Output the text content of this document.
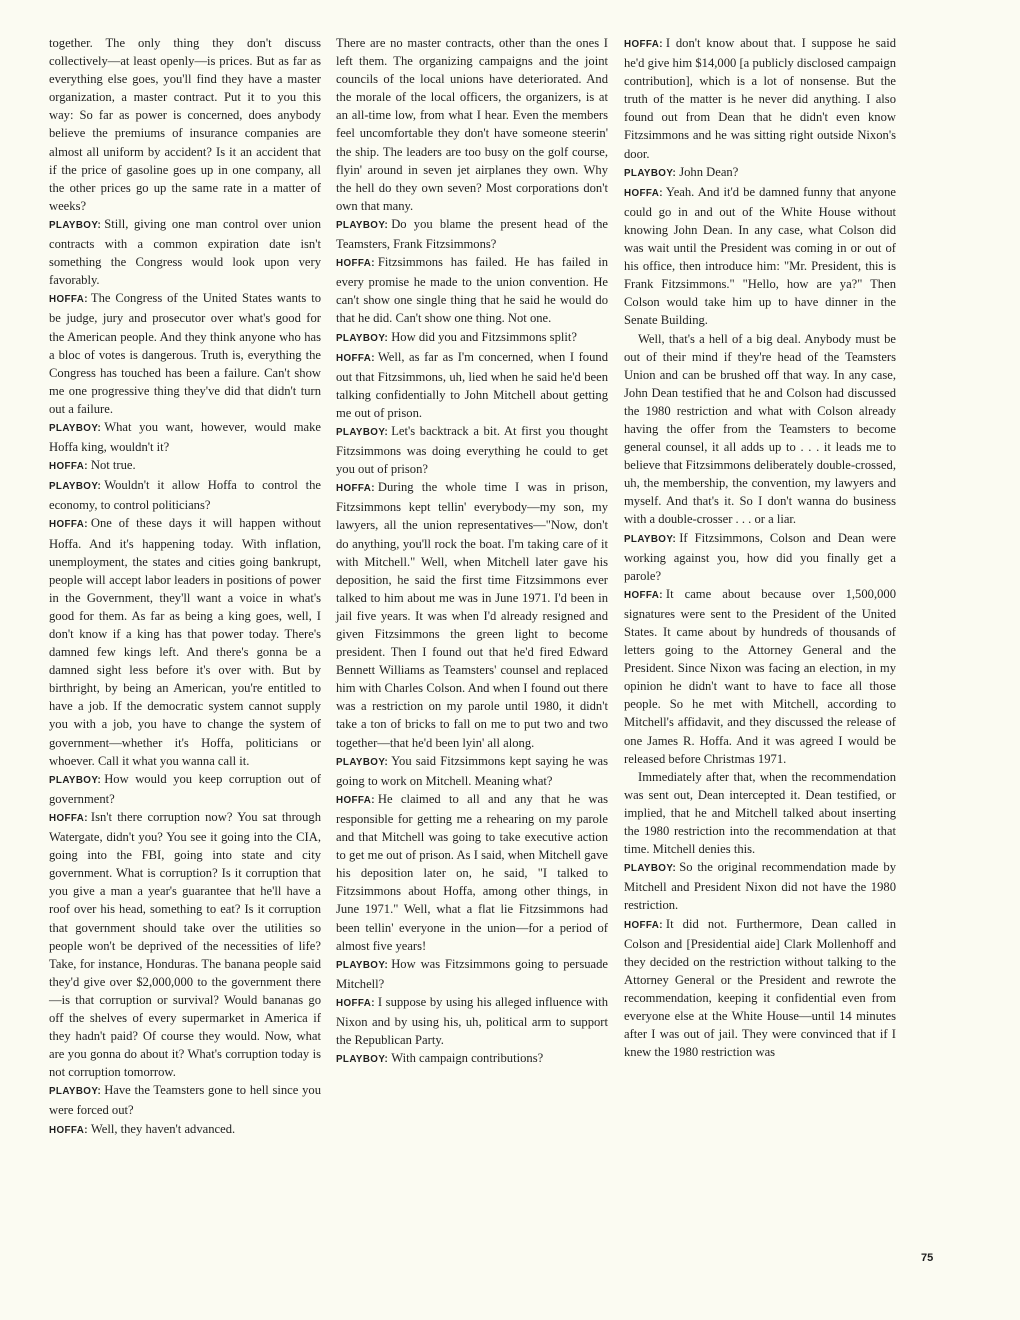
together. The only thing they don't discuss collectively—at least openly—is prices. But as far as everything else goes, you'll find they have a master organization, a master contract. Put it to you this way: So far as power is concerned, does anybody believe the premiums of insurance companies are almost all uniform by accident? Is it an accident that if the price of gasoline goes up in one company, all the other prices go up the same rate in a matter of weeks?

PLAYBOY: Still, giving one man control over union contracts with a common expiration date isn't something the Congress would look upon very favorably.

HOFFA: The Congress of the United States wants to be judge, jury and prosecutor over what's good for the American people. And they think anyone who has a bloc of votes is dangerous. Truth is, everything the Congress has touched has been a failure. Can't show me one progressive thing they've did that didn't turn out a failure.

PLAYBOY: What you want, however, would make Hoffa king, wouldn't it?

HOFFA: Not true.

PLAYBOY: Wouldn't it allow Hoffa to control the economy, to control politicians?

HOFFA: One of these days it will happen without Hoffa. And it's happening today. With inflation, unemployment, the states and cities going bankrupt, people will accept labor leaders in positions of power in the Government, they'll want a voice in what's good for them. As far as being a king goes, well, I don't know if a king has that power today. There's damned few kings left. And there's gonna be a damned sight less before it's over with. But by birthright, by being an American, you're entitled to have a job. If the democratic system cannot supply you with a job, you have to change the system of government—whether it's Hoffa, politicians or whoever. Call it what you wanna call it.

PLAYBOY: How would you keep corruption out of government?

HOFFA: Isn't there corruption now? You sat through Watergate, didn't you? You see it going into the CIA, going into the FBI, going into state and city government. What is corruption? Is it corruption that you give a man a year's guarantee that he'll have a roof over his head, something to eat? Is it corruption that government should take over the utilities so people won't be deprived of the necessities of life? Take, for instance, Honduras. The banana people said they'd give over $2,000,000 to the government there—is that corruption or survival? Would bananas go off the shelves of every supermarket in America if they hadn't paid? Of course they would. Now, what are you gonna do about it? What's corruption today is not corruption tomorrow.

PLAYBOY: Have the Teamsters gone to hell since you were forced out?

HOFFA: Well, they haven't advanced.

There are no master contracts, other than the ones I left them. The organizing campaigns and the joint councils of the local unions have deteriorated. And the morale of the local officers, the organizers, is at an all-time low, from what I hear. Even the members feel uncomfortable they don't have someone steerin' the ship. The leaders are too busy on the golf course, flyin' around in seven jet airplanes they own. Why the hell do they own seven? Most corporations don't own that many.

PLAYBOY: Do you blame the present head of the Teamsters, Frank Fitzsimmons?

HOFFA: Fitzsimmons has failed. He has failed in every promise he made to the union convention. He can't show one single thing that he said he would do that he did. Can't show one thing. Not one.

PLAYBOY: How did you and Fitzsimmons split?

HOFFA: Well, as far as I'm concerned, when I found out that Fitzsimmons, uh, lied when he said he'd been talking confidentially to John Mitchell about getting me out of prison.

PLAYBOY: Let's backtrack a bit. At first you thought Fitzsimmons was doing everything he could to get you out of prison?

HOFFA: During the whole time I was in prison, Fitzsimmons kept tellin' everybody—my son, my lawyers, all the union representatives—"Now, don't do anything, you'll rock the boat. I'm taking care of it with Mitchell." Well, when Mitchell later gave his deposition, he said the first time Fitzsimmons ever talked to him about me was in June 1971. I'd been in jail five years. It was when I'd already resigned and given Fitzsimmons the green light to become president. Then I found out that he'd fired Edward Bennett Williams as Teamsters' counsel and replaced him with Charles Colson. And when I found out there was a restriction on my parole until 1980, it didn't take a ton of bricks to fall on me to put two and two together—that he'd been lyin' all along.

PLAYBOY: You said Fitzsimmons kept saying he was going to work on Mitchell. Meaning what?

HOFFA: He claimed to all and any that he was responsible for getting me a rehearing on my parole and that Mitchell was going to take executive action to get me out of prison. As I said, when Mitchell gave his deposition later on, he said, "I talked to Fitzsimmons about Hoffa, among other things, in June 1971." Well, what a flat lie Fitzsimmons had been tellin' everyone in the union—for a period of almost five years!

PLAYBOY: How was Fitzsimmons going to persuade Mitchell?

HOFFA: I suppose by using his alleged influence with Nixon and by using his, uh, political arm to support the Republican Party.

PLAYBOY: With campaign contributions?

HOFFA: I don't know about that. I suppose he said he'd give him $14,000 [a publicly disclosed campaign contribution], which is a lot of nonsense. But the truth of the matter is he never did anything. I also found out from Dean that he didn't even know Fitzsimmons and he was sitting right outside Nixon's door.

PLAYBOY: John Dean?

HOFFA: Yeah. And it'd be damned funny that anyone could go in and out of the White House without knowing John Dean. In any case, what Colson did was wait until the President was coming in or out of his office, then introduce him: "Mr. President, this is Frank Fitzsimmons." "Hello, how are ya?" Then Colson would take him up to have dinner in the Senate Building.

Well, that's a hell of a big deal. Anybody must be out of their mind if they're head of the Teamsters Union and can be brushed off that way. In any case, John Dean testified that he and Colson had discussed the 1980 restriction and what with Colson already having the offer from the Teamsters to become general counsel, it all adds up to . . . it leads me to believe that Fitzsimmons deliberately double-crossed, uh, the membership, the convention, my lawyers and myself. And that's it. So I don't wanna do business with a double-crosser . . . or a liar.

PLAYBOY: If Fitzsimmons, Colson and Dean were working against you, how did you finally get a parole?

HOFFA: It came about because over 1,500,000 signatures were sent to the President of the United States. It came about by hundreds of thousands of letters going to the Attorney General and the President. Since Nixon was facing an election, in my opinion he didn't want to have to face all those people. So he met with Mitchell, according to Mitchell's affidavit, and they discussed the release of one James R. Hoffa. And it was agreed I would be released before Christmas 1971.

Immediately after that, when the recommendation was sent out, Dean intercepted it. Dean testified, or implied, that he and Mitchell talked about inserting the 1980 restriction into the recommendation at that time. Mitchell denies this.

PLAYBOY: So the original recommendation made by Mitchell and President Nixon did not have the 1980 restriction.

HOFFA: It did not. Furthermore, Dean called in Colson and [Presidential aide] Clark Mollenhoff and they decided on the restriction without talking to the Attorney General or the President and rewrote the recommendation, keeping it confidential even from everyone else at the White House—until 14 minutes after I was out of jail. They were convinced that if I knew the 1980 restriction was

75
